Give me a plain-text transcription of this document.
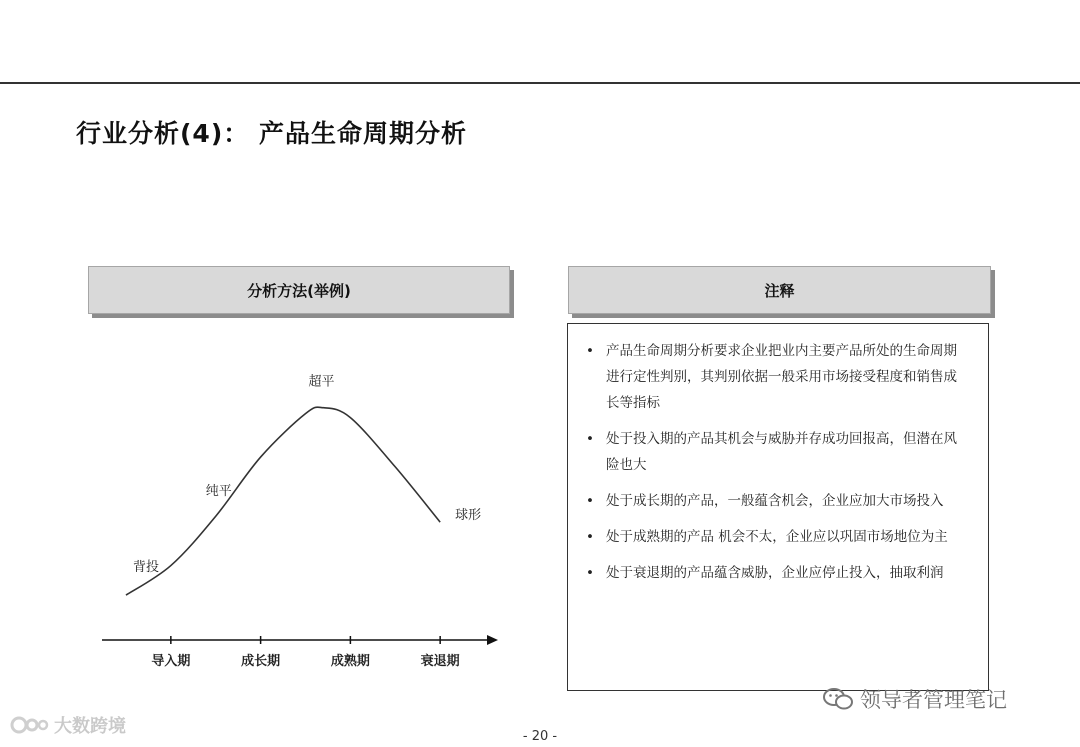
行业分析(4)： 产品生命周期分析
分析方法(举例)	注释
导入期	成长期	成熟期	衰退期
背投
纯平
超平
球形
• 产品生命周期分析要求企业把业内主要产品所处的生命周期进行定性判别，其判别依据一般采用市场接受程度和销售成长等指标
• 处于投入期的产品其机会与威胁并存成功回报高，但潜在风险也大
• 处于成长期的产品，一般蕴含机会，企业应加大市场投入
• 处于成熟期的产品 机会不太，企业应以巩固市场地位为主
• 处于衰退期的产品蕴含威胁，企业应停止投入，抽取利润
大数跨境
领导者管理笔记
- 20 -
